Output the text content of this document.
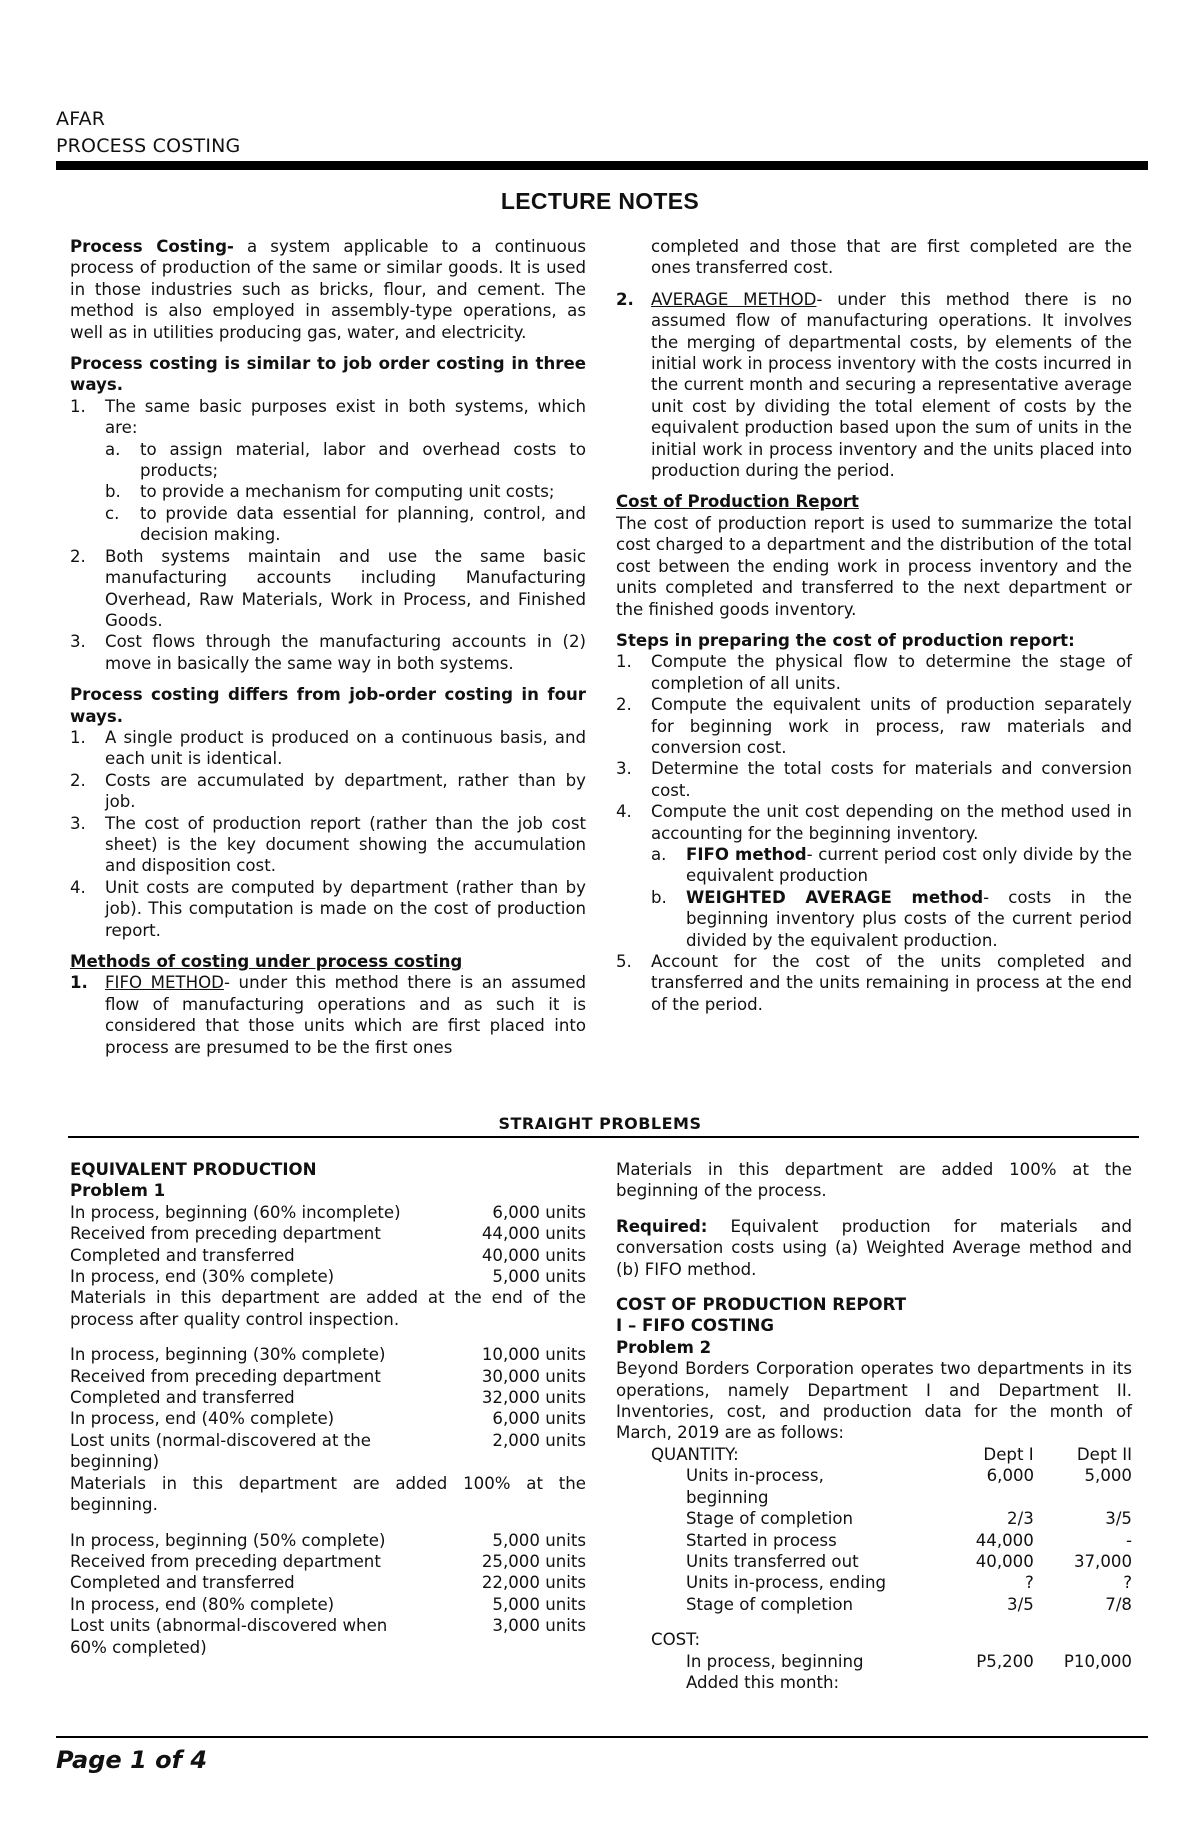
AFAR
PROCESS COSTING
LECTURE NOTES

Process Costing- a system applicable to a continuous process of production of the same or similar goods. It is used in those industries such as bricks, flour, and cement. The method is also employed in assembly-type operations, as well as in utilities producing gas, water, and electricity.

Process costing is similar to job order costing in three ways.

1.	The same basic purposes exist in both systems, which are:
a.	to assign material, labor and overhead costs to products;
b.	to provide a mechanism for computing unit costs;
c.	to provide data essential for planning, control, and decision making.
2.	Both systems maintain and use the same basic manufacturing accounts including Manufacturing Overhead, Raw Materials, Work in Process, and Finished Goods.
3.	Cost flows through the manufacturing accounts in (2) move in basically the same way in both systems.

Process costing differs from job-order costing in four ways.

1.	A single product is produced on a continuous basis, and each unit is identical.
2.	Costs are accumulated by department, rather than by job.
3.	The cost of production report (rather than the job cost sheet) is the key document showing the accumulation and disposition cost.
4.	Unit costs are computed by department (rather than by job). This computation is made on the cost of production report.

Methods of costing under process costing

1.	FIFO METHOD- under this method there is an assumed flow of manufacturing operations and as such it is considered that those units which are first placed into process are presumed to be the first ones

completed and those that are first completed are the ones transferred cost.

2.	AVERAGE METHOD- under this method there is no assumed flow of manufacturing operations. It involves the merging of departmental costs, by elements of the initial work in process inventory with the costs incurred in the current month and securing a representative average unit cost by dividing the total element of costs by the equivalent production based upon the sum of units in the initial work in process inventory and the units placed into production during the period.

Cost of Production Report

The cost of production report is used to summarize the total cost charged to a department and the distribution of the total cost between the ending work in process inventory and the units completed and transferred to the next department or the finished goods inventory.

Steps in preparing the cost of production report:

1.	Compute the physical flow to determine the stage of completion of all units.
2.	Compute the equivalent units of production separately for beginning work in process, raw materials and conversion cost.
3.	Determine the total costs for materials and conversion cost.
4.	Compute the unit cost depending on the method used in accounting for the beginning inventory.
a.	FIFO method- current period cost only divide by the equivalent production
b.	WEIGHTED AVERAGE method- costs in the beginning inventory plus costs of the current period divided by the equivalent production.
5.	Account for the cost of the units completed and transferred and the units remaining in process at the end of the period.
STRAIGHT PROBLEMS

EQUIVALENT PRODUCTION

Problem 1

In process, beginning (60% incomplete)	6,000 units
Received from preceding department	44,000 units
Completed and transferred	40,000 units
In process, end (30% complete)	5,000 units

Materials in this department are added at the end of the process after quality control inspection.

In process, beginning (30% complete)	10,000 units
Received from preceding department	30,000 units
Completed and transferred	32,000 units
In process, end (40% complete)	6,000 units
Lost units (normal-discovered at the beginning)
2,000 units

Materials in this department are added 100% at the beginning.

In process, beginning (50% complete)	5,000 units
Received from preceding department	25,000 units
Completed and transferred	22,000 units
In process, end (80% complete)	5,000 units
Lost units (abnormal-discovered when 60% completed)
3,000 units

Materials in this department are added 100% at the beginning of the process.

Required: Equivalent production for materials and conversation costs using (a) Weighted Average method and (b) FIFO method.

COST OF PRODUCTION REPORT

I – FIFO COSTING

Problem 2

Beyond Borders Corporation operates two departments in its operations, namely Department I and Department II. Inventories, cost, and production data for the month of March, 2019 are as follows:

QUANTITY:	Dept I	Dept II
Units in-process, beginning
6,000	5,000
Stage of completion	2/3	3/5
Started in process	44,000	-
Units transferred out	40,000	37,000
Units in-process, ending	?	?
Stage of completion	3/5	7/8
COST:
In process, beginning	P5,200	P10,000
Added this month:
Page 1 of 4
